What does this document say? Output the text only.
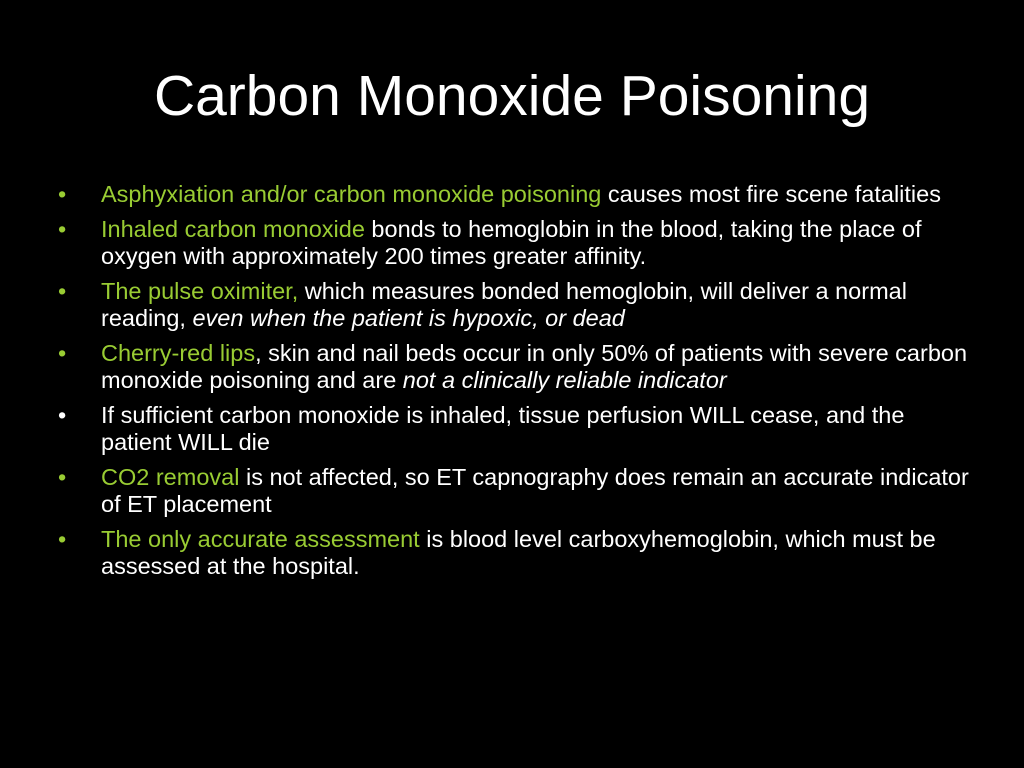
Carbon Monoxide Poisoning
•	Asphyxiation and/or carbon monoxide poisoning causes most fire scene fatalities
•	Inhaled carbon monoxide bonds to hemoglobin in the blood, taking the place of oxygen with approximately 200 times greater affinity.
•	The pulse oximiter, which measures bonded hemoglobin, will deliver a normal reading, even when the patient is hypoxic, or dead
•	Cherry-red lips, skin and nail beds occur in only 50% of patients with severe carbon monoxide poisoning and are not a clinically reliable indicator
•	If sufficient carbon monoxide is inhaled, tissue perfusion WILL cease, and the patient WILL die
•	CO2 removal is not affected, so ET capnography does remain an accurate indicator of ET placement
•	The only accurate assessment is blood level carboxyhemoglobin, which must be assessed at the hospital.
